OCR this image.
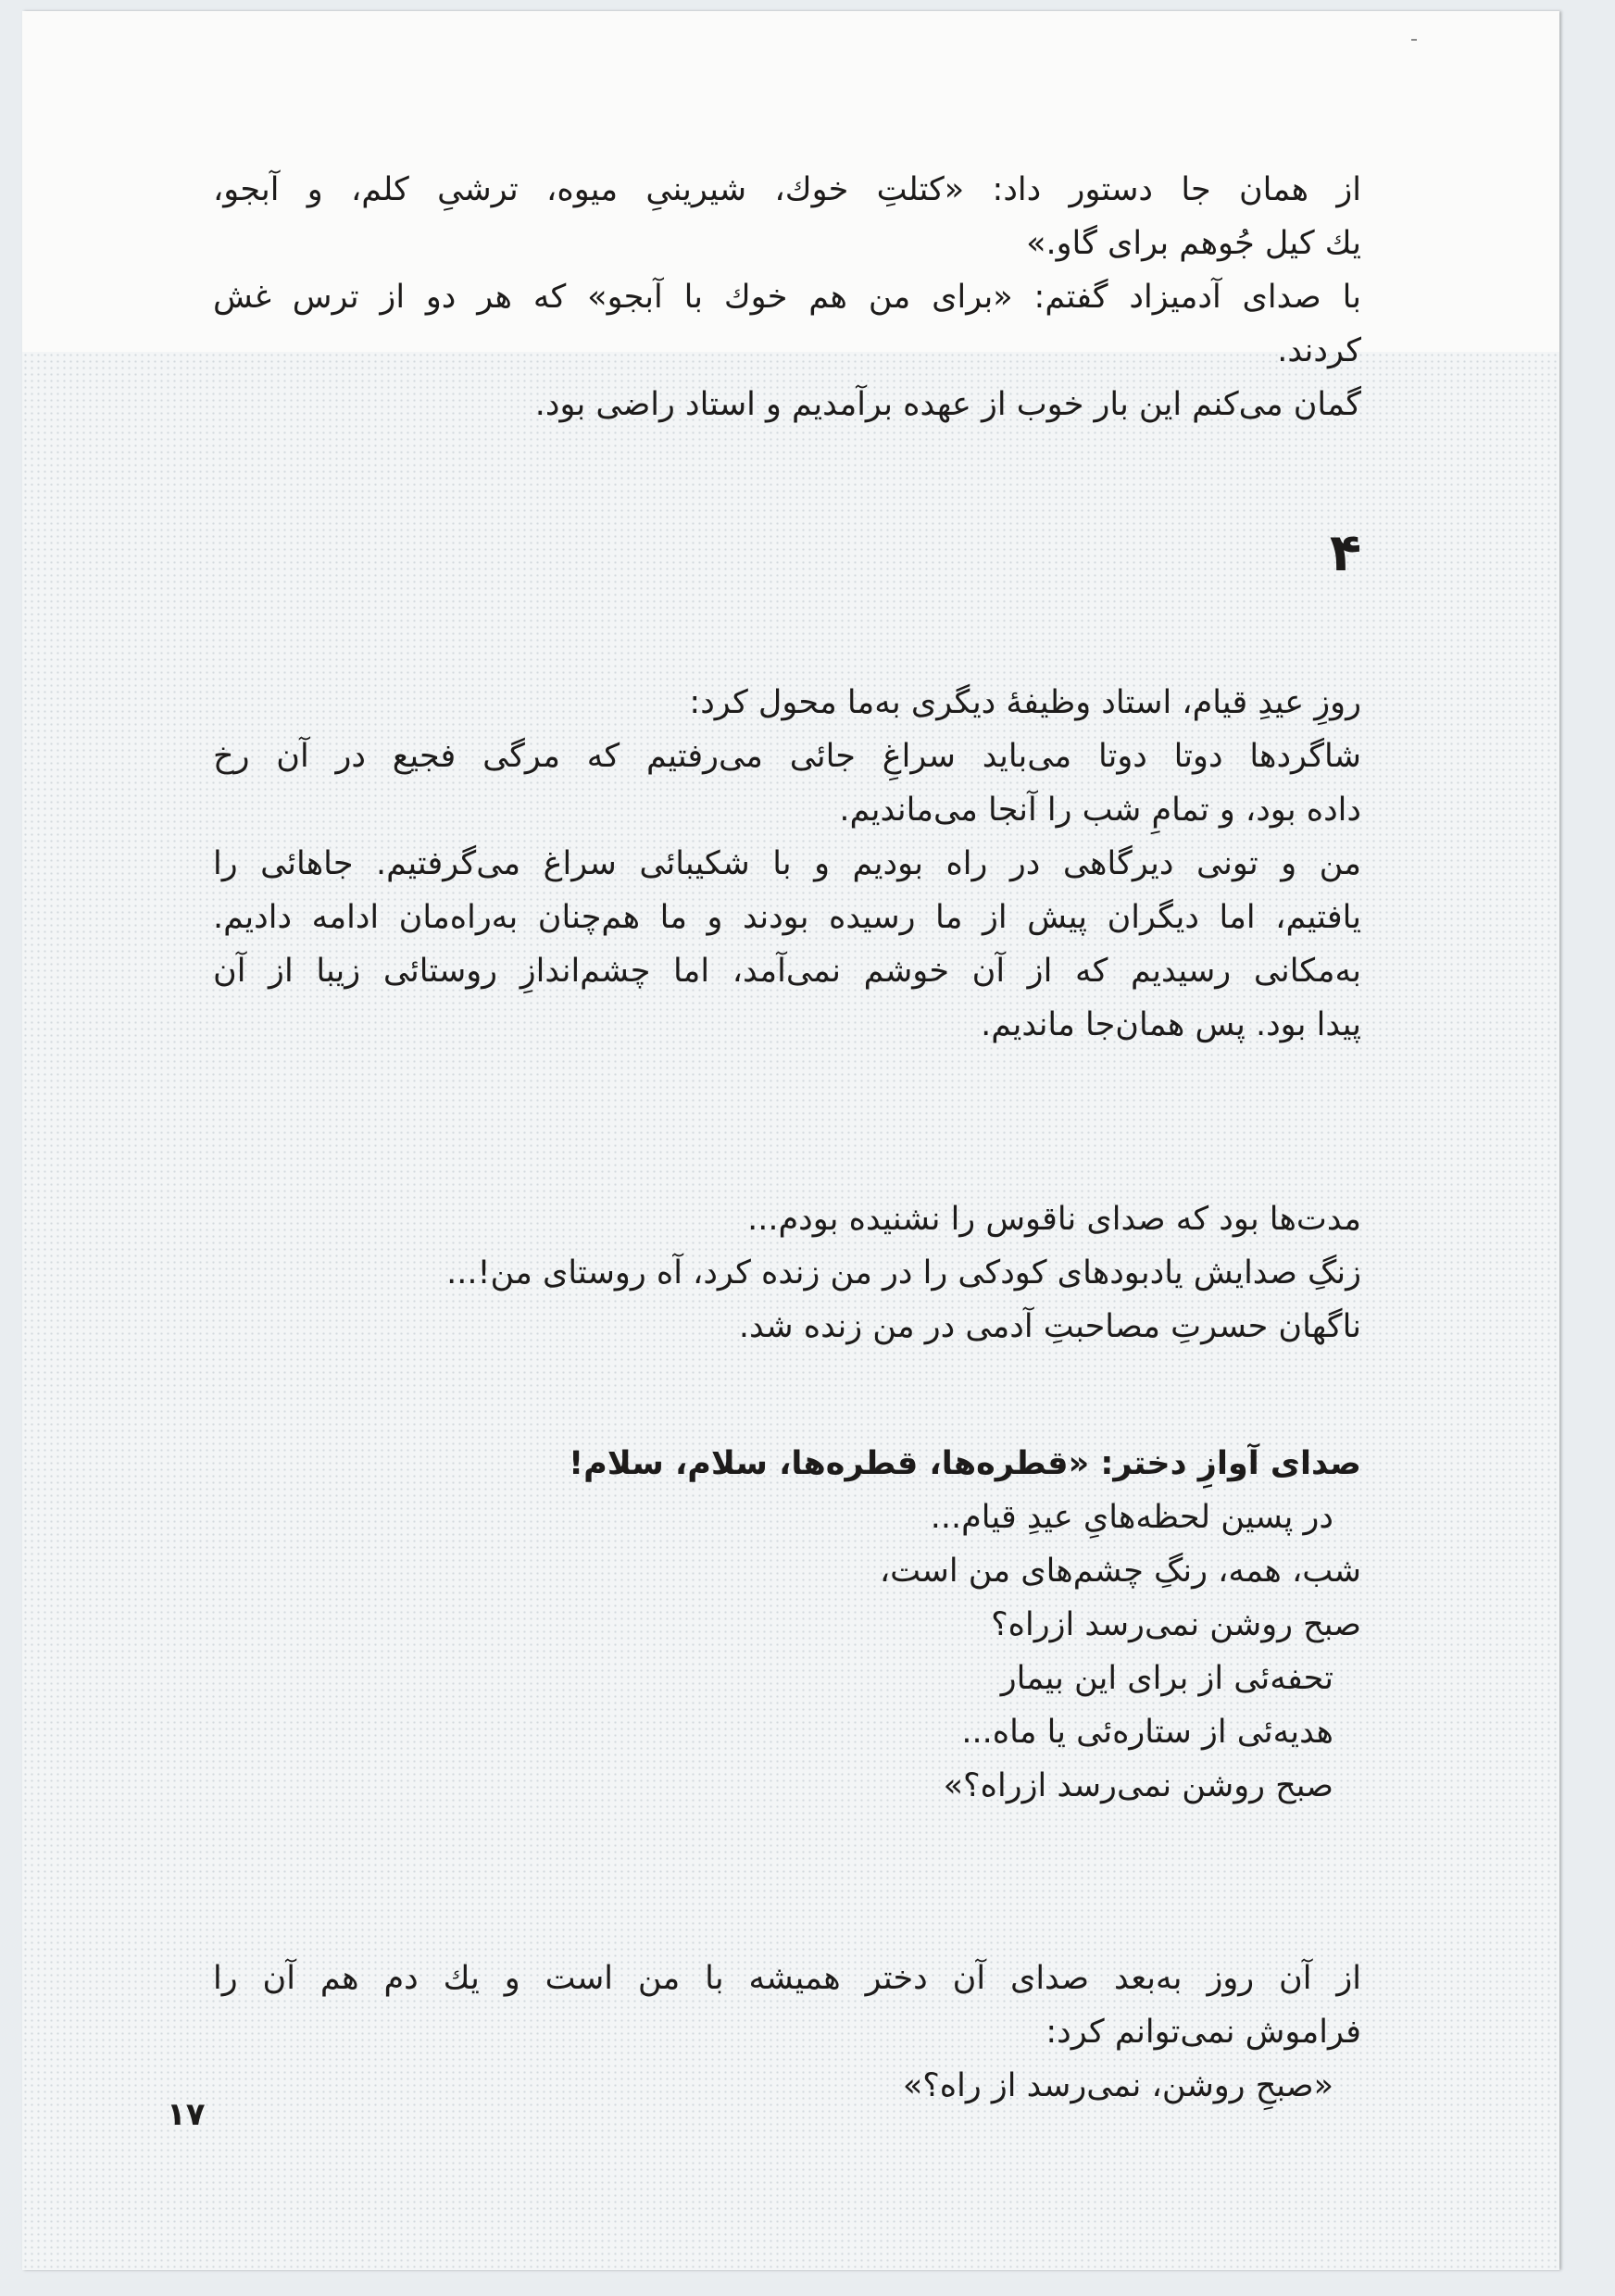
از همان جا دستور داد: «کتلتِ خوك، شیرینیِ میوه، ترشیِ کلم، و آبجو،
یك کیل جُوهم برای گاو.»
با صدای آدمیزاد گفتم: «برای من هم خوك با آبجو» که هر دو از ترس غش
کردند.
گمان می‌کنم این بار خوب از عهده برآمدیم و استاد راضی بود.
۴
روزِ عیدِ قیام، استاد وظیفهٔ دیگری به‌ما محول کرد:
شاگردها دوتا دوتا می‌باید سراغِ جائی می‌رفتیم که مرگی فجیع در آن رخ
داده بود، و تمامِ شب را آنجا می‌ماندیم.
من و تونی دیرگاهی در راه بودیم و با شکیبائی سراغ می‌گرفتیم. جاهائی را
یافتیم، اما دیگران پیش از ما رسیده بودند و ما هم‌چنان به‌راه‌مان ادامه دادیم.
به‌مکانی رسیدیم که از آن خوشم نمی‌آمد، اما چشم‌اندازِ روستائی زیبا از آن
پیدا بود. پس همان‌جا ماندیم.
مدت‌ها بود که صدای ناقوس را نشنیده بودم...
زنگِ صدایش یادبودهای کودکی را در من زنده کرد، آه روستای من!...
ناگهان حسرتِ مصاحبتِ آدمی در من زنده شد.
صدای آوازِ دختر: «قطره‌ها، قطره‌ها، سلام، سلام!
در پسین لحظه‌هایِ عیدِ قیام...
شب، همه، رنگِ چشم‌های من است،
صبح روشن نمی‌رسد ازراه؟
تحفه‌ئی از برای این بیمار
هدیه‌ئی از ستاره‌ئی یا ماه...
صبح روشن نمی‌رسد ازراه؟»
از آن روز به‌بعد صدای آن دختر همیشه با من است و یك دم هم آن را
فراموش نمی‌توانم کرد:
«صبحِ روشن، نمی‌رسد از راه؟»
۱۷
